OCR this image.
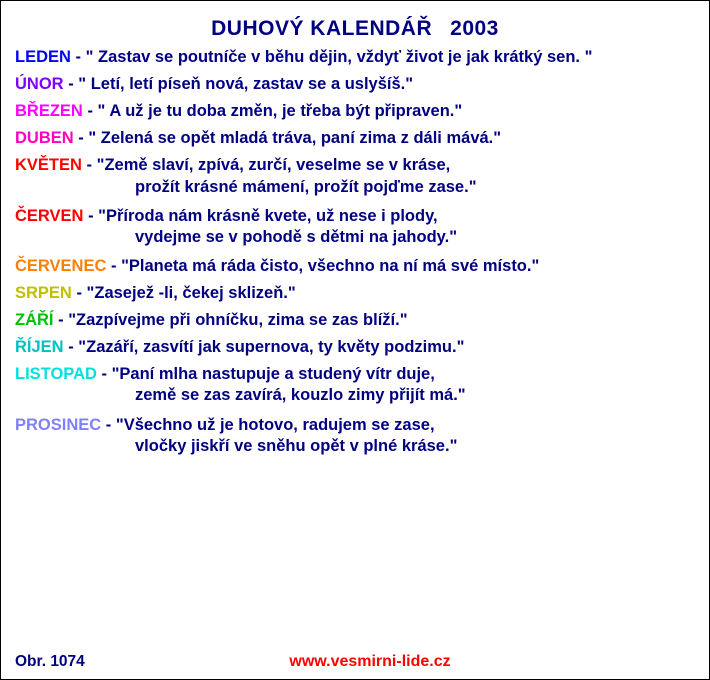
DUHOVÝ KALENDÁŘ 2003
LEDEN - " Zastav se poutníče v běhu dějin, vždyť život je jak krátký sen. "
ÚNOR - " Letí, letí píseň nová, zastav se a uslyšíš."
BŘEZEN - " A už je tu doba změn, je třeba být připraven."
DUBEN - " Zelená se opět mladá tráva, paní zima z dáli mává."
KVĚTEN - "Země slaví, zpívá, zurčí, veselme se v kráse,
prožít krásné mámení, prožít pojďme zase."
ČERVEN - "Příroda nám krásně kvete, už nese i plody,
vydejme se v pohodě s dětmi na jahody."
ČERVENEC - "Planeta má ráda čisto, všechno na ní má své místo."
SRPEN - "Zasejež -li, čekej sklizeň."
ZÁŘÍ - "Zazpívejme při ohníčku, zima se zas blíží."
ŘÍJEN - "Zazáří, zasvítí jak supernova, ty květy podzimu."
LISTOPAD - "Paní mlha nastupuje a studený vítr duje,
země se zas zavírá, kouzlo zimy přijít má."
PROSINEC - "Všechno už je hotovo, radujem se zase,
vločky jiskří ve sněhu opět v plné kráse."
Obr. 1074	www.vesmirni-lide.cz
